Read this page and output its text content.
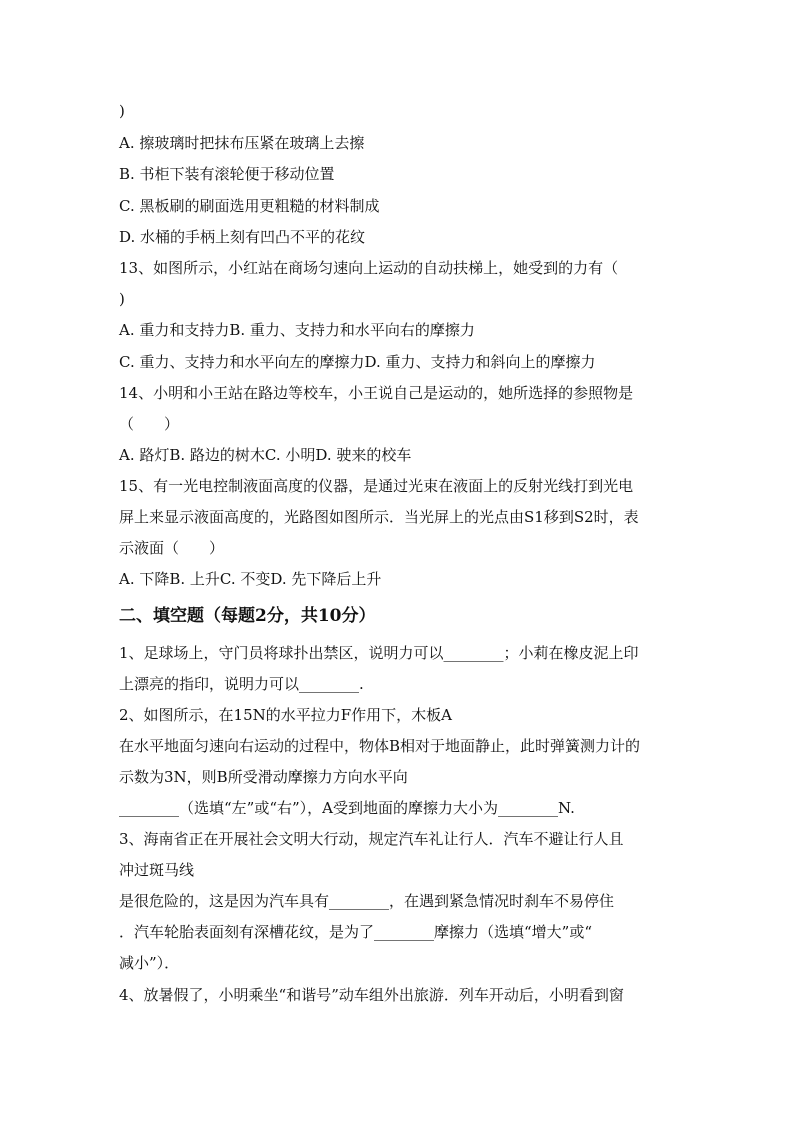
)
A. 擦玻璃时把抹布压紧在玻璃上去擦
B. 书柜下装有滚轮便于移动位置
C. 黑板刷的刷面选用更粗糙的材料制成
D. 水桶的手柄上刻有凹凸不平的花纹
13、如图所示，小红站在商场匀速向上运动的自动扶梯上，她受到的力有（
)
A. 重力和支持力B. 重力、支持力和水平向右的摩擦力
C. 重力、支持力和水平向左的摩擦力D. 重力、支持力和斜向上的摩擦力
14、小明和小王站在路边等校车，小王说自己是运动的，她所选择的参照物是
（　　）
A. 路灯B. 路边的树木C. 小明D. 驶来的校车
15、有一光电控制液面高度的仪器，是通过光束在液面上的反射光线打到光电
屏上来显示液面高度的，光路图如图所示．当光屏上的光点由S1移到S2时，表
示液面（　　）
A. 下降B. 上升C. 不变D. 先下降后上升
二、填空题（每题2分，共10分）
1、足球场上，守门员将球扑出禁区，说明力可以________；小莉在橡皮泥上印
上漂亮的指印，说明力可以________.
2、如图所示，在15N的水平拉力F作用下，木板A
在水平地面匀速向右运动的过程中，物体B相对于地面静止，此时弹簧测力计的
示数为3N，则B所受滑动摩擦力方向水平向
________（选填“左”或“右”），A受到地面的摩擦力大小为________N.
3、海南省正在开展社会文明大行动，规定汽车礼让行人．汽车不避让行人且
冲过斑马线
是很危险的，这是因为汽车具有________，在遇到紧急情况时刹车不易停住
．汽车轮胎表面刻有深槽花纹，是为了________摩擦力（选填“增大”或“
减小”）．
4、放暑假了，小明乘坐“和谐号”动车组外出旅游．列车开动后，小明看到窗
